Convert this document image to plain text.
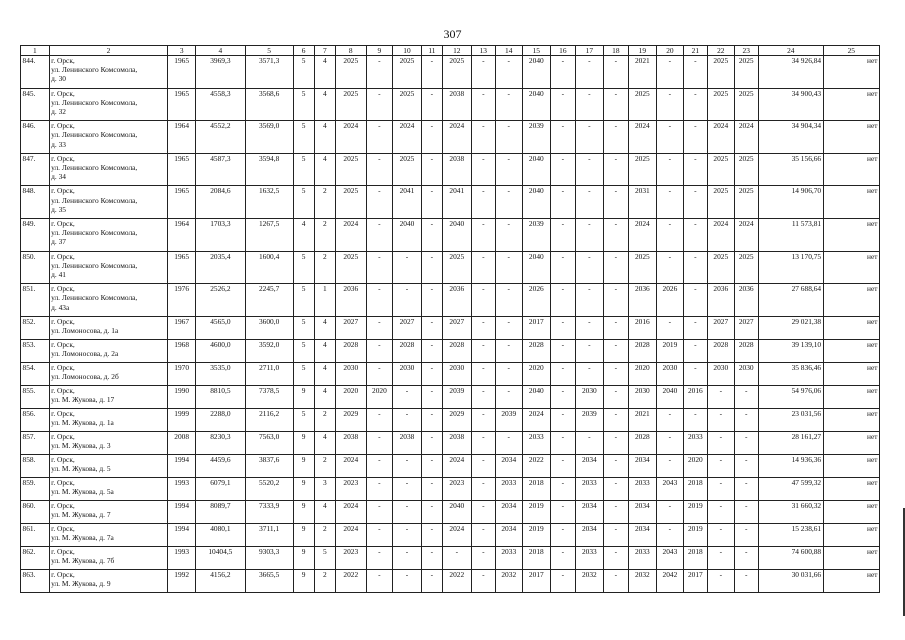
307
1	2	3	4	5	6	7	8	9	10	11	12	13	14	15	16	17	18	19	20	21	22	23	24	25
844.	г. Орск,
ул. Ленинского Комсомола,
д. 30	1965	3969,3	3571,3	5	4	2025	-	2025	-	2025	-	-	2040	-	-	-	2021	-	-	2025	2025	34 926,84	нет
845.	г. Орск,
ул. Ленинского Комсомола,
д. 32	1965	4558,3	3568,6	5	4	2025	-	2025	-	2038	-	-	2040	-	-	-	2025	-	-	2025	2025	34 900,43	нет
846.	г. Орск,
ул. Ленинского Комсомола,
д. 33	1964	4552,2	3569,0	5	4	2024	-	2024	-	2024	-	-	2039	-	-	-	2024	-	-	2024	2024	34 904,34	нет
847.	г. Орск,
ул. Ленинского Комсомола,
д. 34	1965	4587,3	3594,8	5	4	2025	-	2025	-	2038	-	-	2040	-	-	-	2025	-	-	2025	2025	35 156,66	нет
848.	г. Орск,
ул. Ленинского Комсомола,
д. 35	1965	2084,6	1632,5	5	2	2025	-	2041	-	2041	-	-	2040	-	-	-	2031	-	-	2025	2025	14 906,70	нет
849.	г. Орск,
ул. Ленинского Комсомола,
д. 37	1964	1703,3	1267,5	4	2	2024	-	2040	-	2040	-	-	2039	-	-	-	2024	-	-	2024	2024	11 573,81	нет
850.	г. Орск,
ул. Ленинского Комсомола,
д. 41	1965	2035,4	1600,4	5	2	2025	-	-	-	2025	-	-	2040	-	-	-	2025	-	-	2025	2025	13 170,75	нет
851.	г. Орск,
ул. Ленинского Комсомола,
д. 43а	1976	2526,2	2245,7	5	1	2036	-	-	-	2036	-	-	2026	-	-	-	2036	2026	-	2036	2036	27 688,64	нет
852.	г. Орск,
ул. Ломоносова, д. 1а	1967	4565,0	3600,0	5	4	2027	-	2027	-	2027	-	-	2017	-	-	-	2016	-	-	2027	2027	29 021,38	нет
853.	г. Орск,
ул. Ломоносова, д. 2а	1968	4600,0	3592,0	5	4	2028	-	2028	-	2028	-	-	2028	-	-	-	2028	2019	-	2028	2028	39 139,10	нет
854.	г. Орск,
ул. Ломоносова, д. 2б	1970	3535,0	2711,0	5	4	2030	-	2030	-	2030	-	-	2020	-	-	-	2020	2030	-	2030	2030	35 836,46	нет
855.	г. Орск,
ул. М. Жукова, д. 17	1990	8810,5	7378,5	9	4	2020	2020	-	-	2039	-	-	2040	-	2030	-	2030	2040	2016	-	-	54 976,06	нет
856.	г. Орск,
ул. М. Жукова, д. 1а	1999	2288,0	2116,2	5	2	2029	-	-	-	2029	-	2039	2024	-	2039	-	2021	-	-	-	-	23 031,56	нет
857.	г. Орск,
ул. М. Жукова, д. 3	2008	8230,3	7563,0	9	4	2038	-	2038	-	2038	-	-	2033	-	-	-	2028	-	2033	-	-	28 161,27	нет
858.	г. Орск,
ул. М. Жукова, д. 5	1994	4459,6	3837,6	9	2	2024	-	-	-	2024	-	2034	2022	-	2034	-	2034	-	2020	-	-	14 936,36	нет
859.	г. Орск,
ул. М. Жукова, д. 5а	1993	6079,1	5520,2	9	3	2023	-	-	-	2023	-	2033	2018	-	2033	-	2033	2043	2018	-	-	47 599,32	нет
860.	г. Орск,
ул. М. Жукова, д. 7	1994	8089,7	7333,9	9	4	2024	-	-	-	2040	-	2034	2019	-	2034	-	2034	-	2019	-	-	31 660,32	нет
861.	г. Орск,
ул. М. Жукова, д. 7а	1994	4080,1	3711,1	9	2	2024	-	-	-	2024	-	2034	2019	-	2034	-	2034	-	2019	-	-	15 238,61	нет
862.	г. Орск,
ул. М. Жукова, д. 7б	1993	10404,5	9303,3	9	5	2023	-	-	-	-	-	2033	2018	-	2033	-	2033	2043	2018	-	-	74 600,88	нет
863.	г. Орск,
ул. М. Жукова, д. 9	1992	4156,2	3665,5	9	2	2022	-	-	-	2022	-	2032	2017	-	2032	-	2032	2042	2017	-	-	30 031,66	нет
